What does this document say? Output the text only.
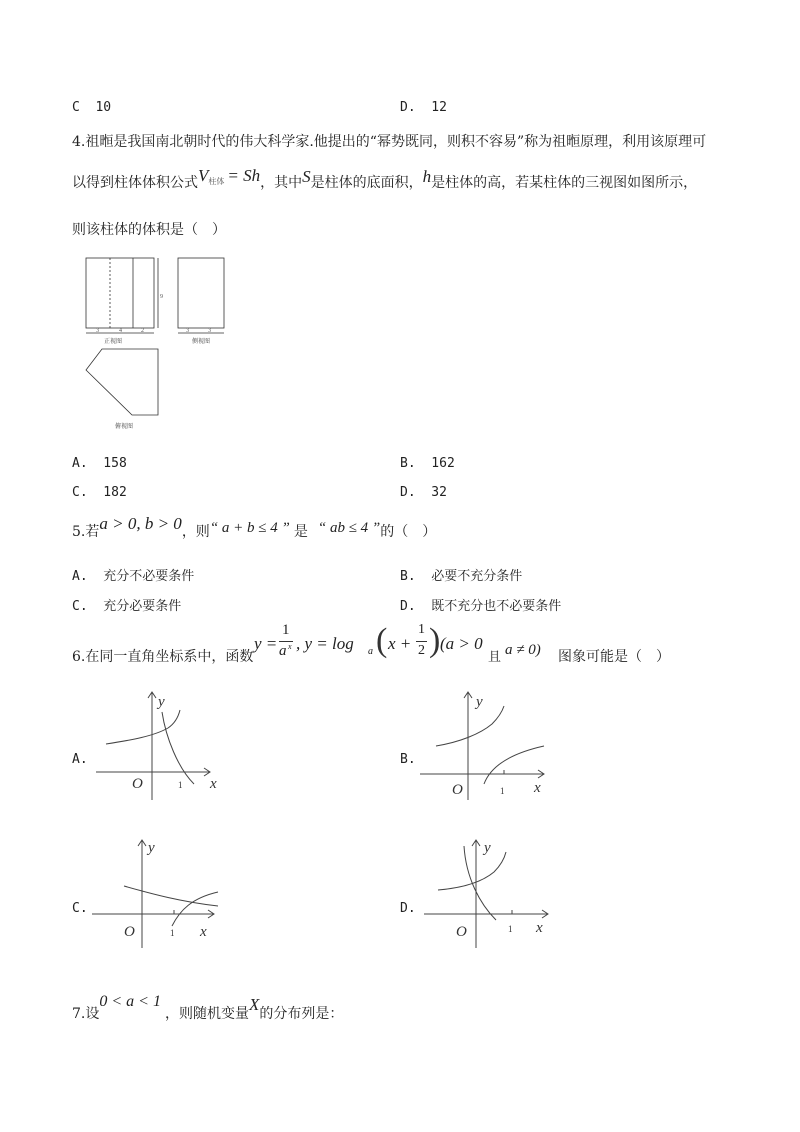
C  10	D.  12
4.祖暅是我国南北朝时代的伟大科学家.他提出的“幂势既同，则积不容易”称为祖暅原理，利用该原理可
以得到柱体体积公式$V^{柱体} = Sh$，其中S是柱体的底面积，h是柱体的高，若某柱体的三视图如图所示，
则该柱体的体积是（　）
9
3	4	2
正视图
3	3
侧视图
俯视图
A.  158	B.  162
C.  182	D.  32
5.若a > 0, b > 0，则“ a + b ≤ 4 ” 是 “ ab ≤ 4 ”的（　）
A.  充分不必要条件	B.  必要不充分条件
C.  充分必要条件	D.  既不充分也不必要条件
6.在同一直角坐标系中，函数
y =
1
a x , y = log a ( x +
1
2 ) (a > 0
且 a ≠ 0) 图象可能是（　）
A.	B.
C.	D.
y
O	1 x
y
O	1 x
y
O	1 x
y
O	1 x
7.设0 < a < 1，则随机变量X的分布列是：
